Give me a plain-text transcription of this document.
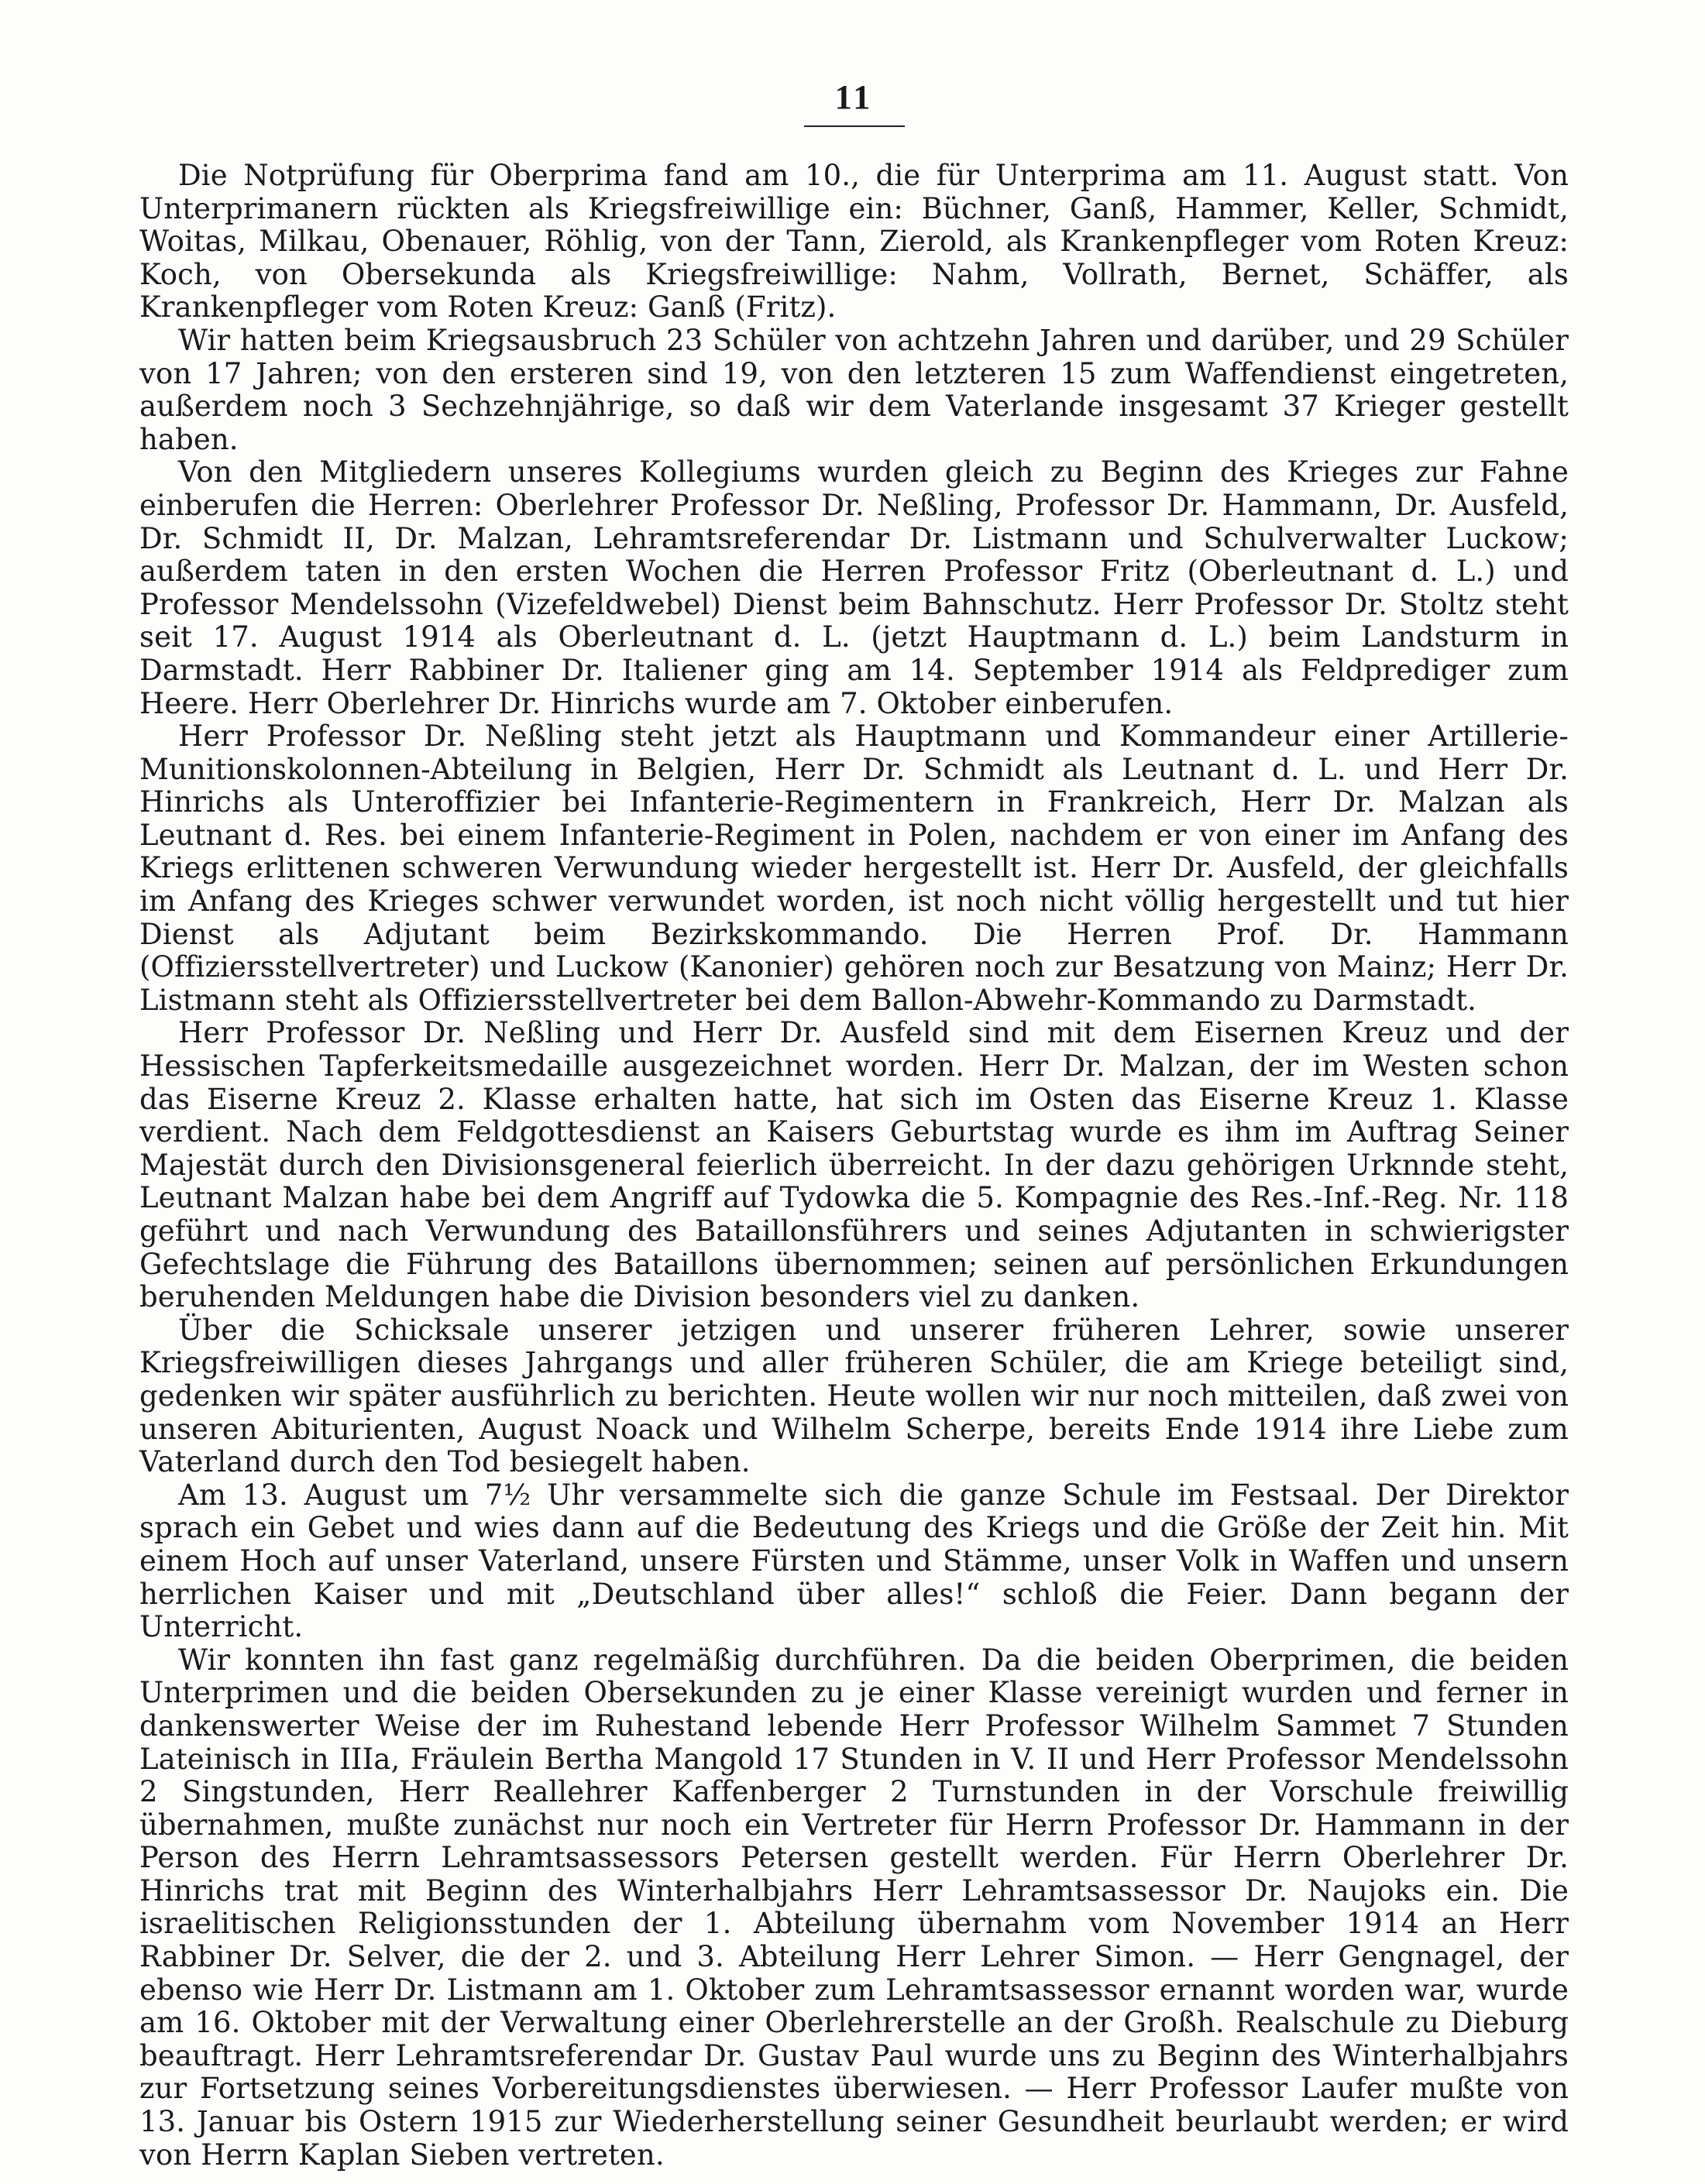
11

Die Notprüfung für Oberprima fand am 10., die für Unterprima am 11. August statt. Von Unterprimanern rückten als Kriegsfreiwillige ein: Büchner, Ganß, Hammer, Keller, Schmidt, Woitas, Milkau, Obenauer, Röhlig, von der Tann, Zierold, als Krankenpfleger vom Roten Kreuz: Koch, von Obersekunda als Kriegsfreiwillige: Nahm, Vollrath, Bernet, Schäffer, als Krankenpfleger vom Roten Kreuz: Ganß (Fritz).

Wir hatten beim Kriegsausbruch 23 Schüler von achtzehn Jahren und darüber, und 29 Schüler von 17 Jahren; von den ersteren sind 19, von den letzteren 15 zum Waffendienst eingetreten, außerdem noch 3 Sechzehnjährige, so daß wir dem Vaterlande insgesamt 37 Krieger gestellt haben.

Von den Mitgliedern unseres Kollegiums wurden gleich zu Beginn des Krieges zur Fahne einberufen die Herren: Oberlehrer Professor Dr. Neßling, Professor Dr. Hammann, Dr. Ausfeld, Dr. Schmidt II, Dr. Malzan, Lehramtsreferendar Dr. Listmann und Schulverwalter Luckow; außerdem taten in den ersten Wochen die Herren Professor Fritz (Oberleutnant d. L.) und Professor Mendelssohn (Vizefeldwebel) Dienst beim Bahnschutz. Herr Professor Dr. Stoltz steht seit 17. August 1914 als Oberleutnant d. L. (jetzt Hauptmann d. L.) beim Landsturm in Darmstadt. Herr Rabbiner Dr. Italiener ging am 14. September 1914 als Feldprediger zum Heere. Herr Oberlehrer Dr. Hinrichs wurde am 7. Oktober einberufen.

Herr Professor Dr. Neßling steht jetzt als Hauptmann und Kommandeur einer Artillerie-Munitionskolonnen-Abteilung in Belgien, Herr Dr. Schmidt als Leutnant d. L. und Herr Dr. Hinrichs als Unteroffizier bei Infanterie-Regimentern in Frankreich, Herr Dr. Malzan als Leutnant d. Res. bei einem Infanterie-Regiment in Polen, nachdem er von einer im Anfang des Kriegs erlittenen schweren Verwundung wieder hergestellt ist. Herr Dr. Ausfeld, der gleichfalls im Anfang des Krieges schwer verwundet worden, ist noch nicht völlig hergestellt und tut hier Dienst als Adjutant beim Bezirkskommando. Die Herren Prof. Dr. Hammann (Offiziersstellvertreter) und Luckow (Kanonier) gehören noch zur Besatzung von Mainz; Herr Dr. Listmann steht als Offiziersstellvertreter bei dem Ballon-Abwehr-Kommando zu Darmstadt.

Herr Professor Dr. Neßling und Herr Dr. Ausfeld sind mit dem Eisernen Kreuz und der Hessischen Tapferkeitsmedaille ausgezeichnet worden. Herr Dr. Malzan, der im Westen schon das Eiserne Kreuz 2. Klasse erhalten hatte, hat sich im Osten das Eiserne Kreuz 1. Klasse verdient. Nach dem Feldgottesdienst an Kaisers Geburtstag wurde es ihm im Auftrag Seiner Majestät durch den Divisionsgeneral feierlich überreicht. In der dazu gehörigen Urknnde steht, Leutnant Malzan habe bei dem Angriff auf Tydowka die 5. Kompagnie des Res.-Inf.-Reg. Nr. 118 geführt und nach Verwundung des Bataillonsführers und seines Adjutanten in schwierigster Gefechtslage die Führung des Bataillons übernommen; seinen auf persönlichen Erkundungen beruhenden Meldungen habe die Division besonders viel zu danken.

Über die Schicksale unserer jetzigen und unserer früheren Lehrer, sowie unserer Kriegsfreiwilligen dieses Jahrgangs und aller früheren Schüler, die am Kriege beteiligt sind, gedenken wir später ausführlich zu berichten. Heute wollen wir nur noch mitteilen, daß zwei von unseren Abiturienten, August Noack und Wilhelm Scherpe, bereits Ende 1914 ihre Liebe zum Vaterland durch den Tod besiegelt haben.

Am 13. August um 7½ Uhr versammelte sich die ganze Schule im Festsaal. Der Direktor sprach ein Gebet und wies dann auf die Bedeutung des Kriegs und die Größe der Zeit hin. Mit einem Hoch auf unser Vaterland, unsere Fürsten und Stämme, unser Volk in Waffen und unsern herrlichen Kaiser und mit „Deutschland über alles!“ schloß die Feier. Dann begann der Unterricht.

Wir konnten ihn fast ganz regelmäßig durchführen. Da die beiden Oberprimen, die beiden Unterprimen und die beiden Obersekunden zu je einer Klasse vereinigt wurden und ferner in dankenswerter Weise der im Ruhestand lebende Herr Professor Wilhelm Sammet 7 Stunden Lateinisch in IIIa, Fräulein Bertha Mangold 17 Stunden in V. II und Herr Professor Mendelssohn 2 Singstunden, Herr Reallehrer Kaffenberger 2 Turnstunden in der Vorschule freiwillig übernahmen, mußte zunächst nur noch ein Vertreter für Herrn Professor Dr. Hammann in der Person des Herrn Lehramtsassessors Petersen gestellt werden. Für Herrn Oberlehrer Dr. Hinrichs trat mit Beginn des Winterhalbjahrs Herr Lehramtsassessor Dr. Naujoks ein. Die israelitischen Religionsstunden der 1. Abteilung übernahm vom November 1914 an Herr Rabbiner Dr. Selver, die der 2. und 3. Abteilung Herr Lehrer Simon. — Herr Gengnagel, der ebenso wie Herr Dr. Listmann am 1. Oktober zum Lehramtsassessor ernannt worden war, wurde am 16. Oktober mit der Verwaltung einer Oberlehrerstelle an der Großh. Realschule zu Dieburg beauftragt. Herr Lehramtsreferendar Dr. Gustav Paul wurde uns zu Beginn des Winterhalbjahrs zur Fortsetzung seines Vorbereitungsdienstes überwiesen. — Herr Professor Laufer mußte von 13. Januar bis Ostern 1915 zur Wiederherstellung seiner Gesundheit beurlaubt werden; er wird von Herrn Kaplan Sieben vertreten.
